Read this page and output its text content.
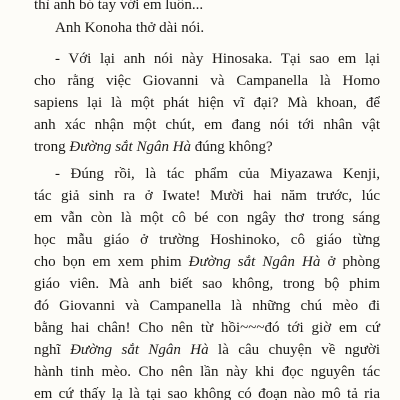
thì anh bó tay với em luôn...
Anh Konoha thở dài nói.
- Với lại anh nói này Hinosaka. Tại sao em lại
cho rằng việc Giovanni và Campanella là Homo
sapiens lại là một phát hiện vĩ đại? Mà khoan, để
anh xác nhận một chút, em đang nói tới nhân vật
trong Đường sắt Ngân Hà đúng không?
- Đúng rồi, là tác phẩm của Miyazawa Kenji,
tác giả sinh ra ở Iwate! Mười hai năm trước, lúc
em vẫn còn là một cô bé con ngây thơ trong sáng
học mẫu giáo ở trường Hoshinoko, cô giáo từng
cho bọn em xem phim Đường sắt Ngân Hà ở phòng
giáo viên. Mà anh biết sao không, trong bộ phim
đó Giovanni và Campanella là những chú mèo đi
bằng hai chân! Cho nên từ hồi~~~đó tới giờ em cứ
nghĩ Đường sắt Ngân Hà là câu chuyện về người
hành tinh mèo. Cho nên lần này khi đọc nguyên tác
em cứ thấy lạ là tại sao không có đoạn nào mô tả ria
